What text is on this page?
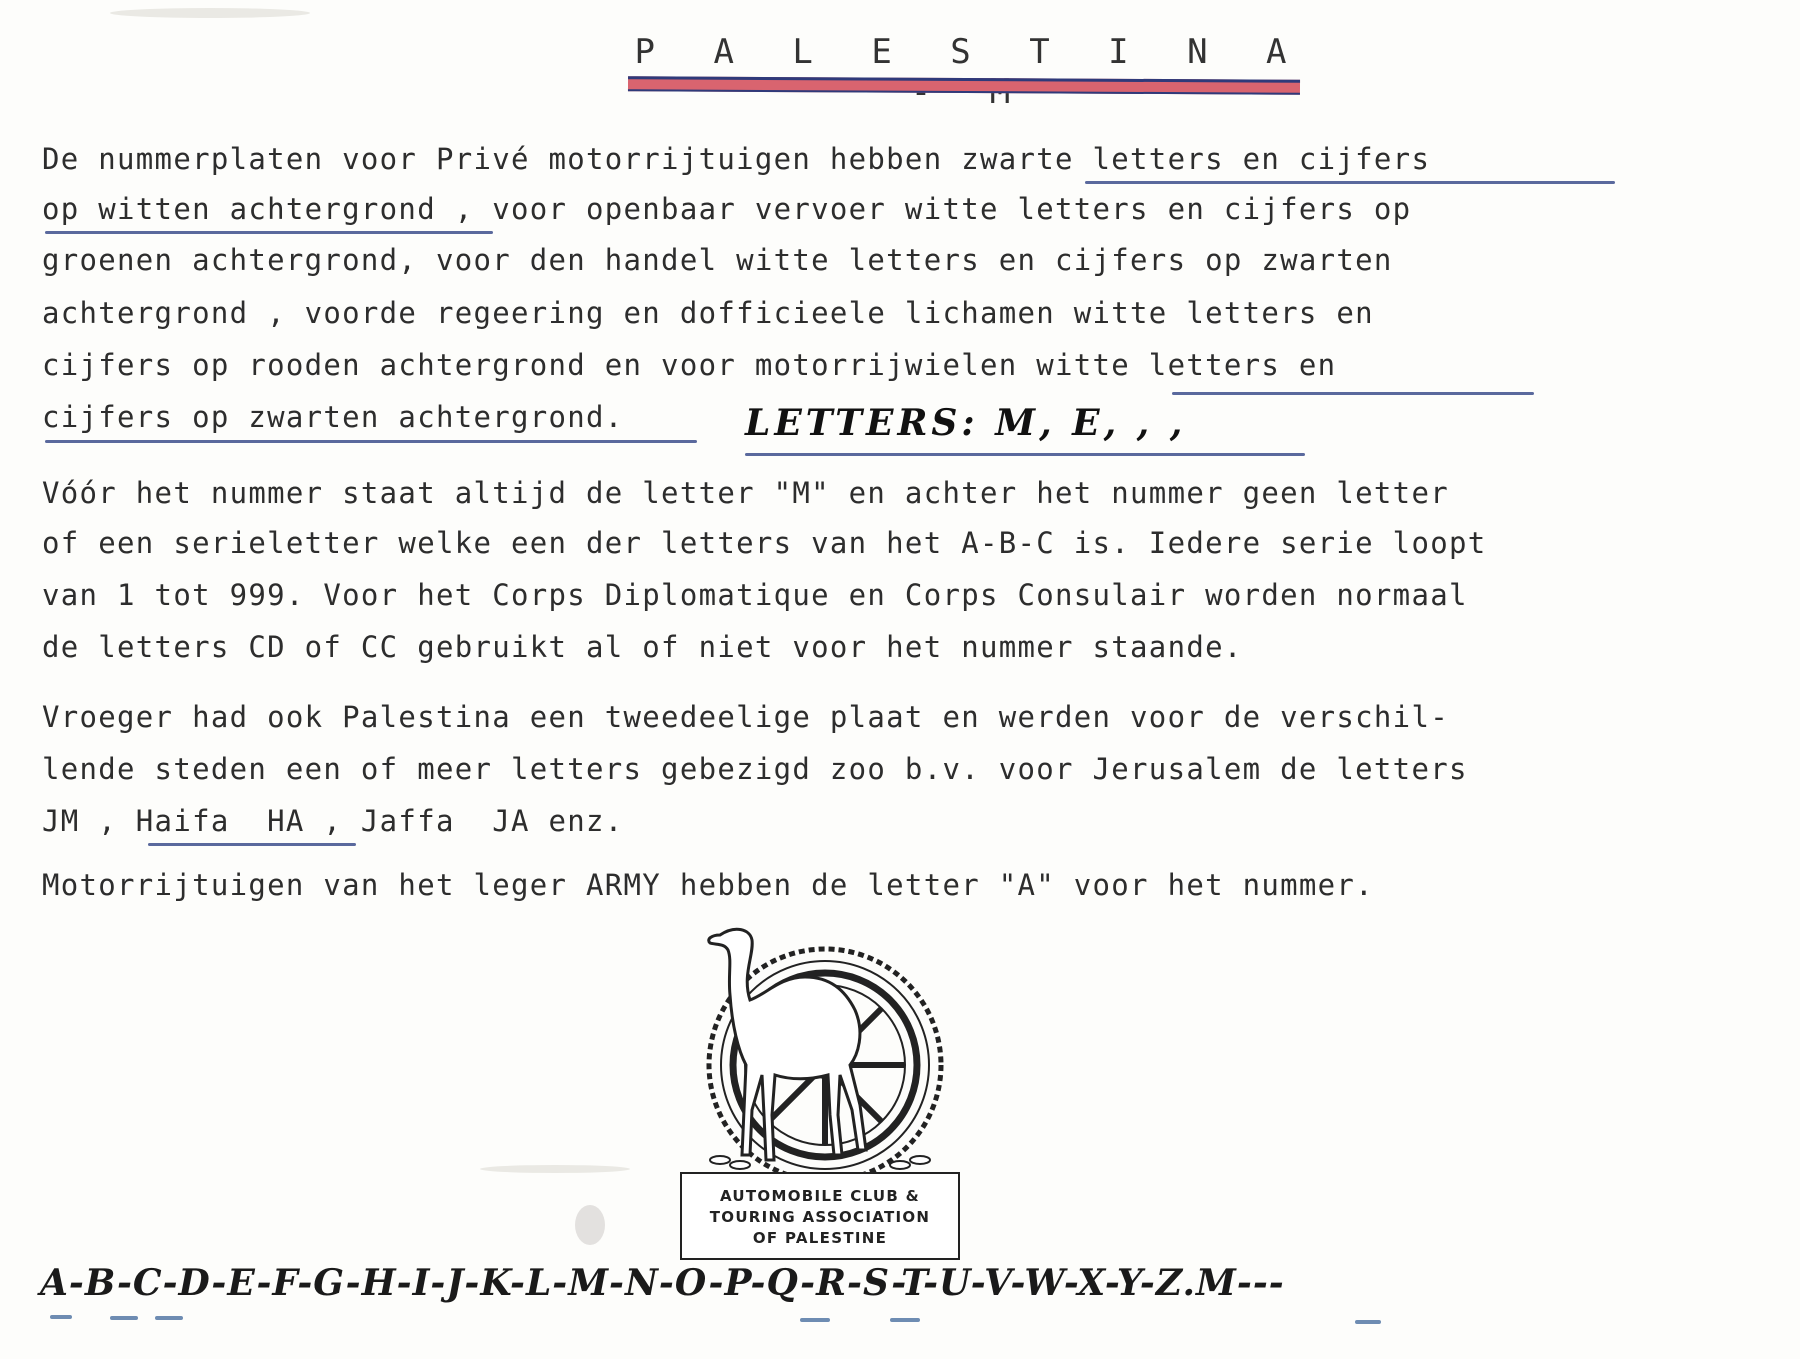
P A L E S T I N A
De nummerplaten voor Privé motorrijtuigen hebben zwarte letters en cijfers
op witten achtergrond , voor openbaar vervoer witte letters en cijfers op
groenen achtergrond, voor den handel witte letters en cijfers op zwarten
achtergrond , voorde regeering en dofficieele lichamen witte letters en
cijfers op rooden achtergrond en voor motorrijwielen witte letters en
cijfers op zwarten achtergrond.	LETTERS: M, E, , ,
Vóór het nummer staat altijd de letter "M" en achter het nummer geen letter
of een serieletter welke een der letters van het A-B-C is. Iedere serie loopt
van 1 tot 999. Voor het Corps Diplomatique en Corps Consulair worden normaal
de letters CD of CC gebruikt al of niet voor het nummer staande.
Vroeger had ook Palestina een tweedeelige plaat en werden voor de verschil-
lende steden een of meer letters gebezigd zoo b.v. voor Jerusalem de letters
JM , Haifa  HA , Jaffa  JA enz.
Motorrijtuigen van het leger ARMY hebben de letter "A" voor het nummer.
AUTOMOBILE CLUB &
TOURING ASSOCIATION
OF PALESTINE
A-B-C-D-E-F-G-H-I-J-K-L-M-N-O-P-Q-R-S-T-U-V-W-X-Y-Z.M---
